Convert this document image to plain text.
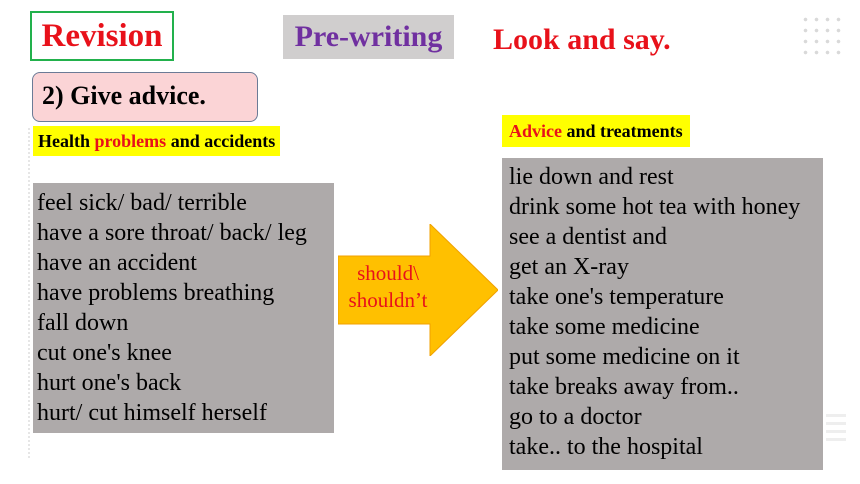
Revision	Pre-writing	Look and say.
2) Give advice.
Health problems and accidents
feel sick/ bad/ terrible
have a sore throat/ back/ leg
have an accident
have problems breathing
fall down
cut one's knee
hurt one's back
hurt/ cut himself herself
should\
shouldn’t
Advice and treatments
lie down and rest
drink some hot tea with honey
see a dentist and
get an X-ray
take one's temperature
take some medicine
put some medicine on it
take breaks away from..
go to a doctor
take.. to the hospital
